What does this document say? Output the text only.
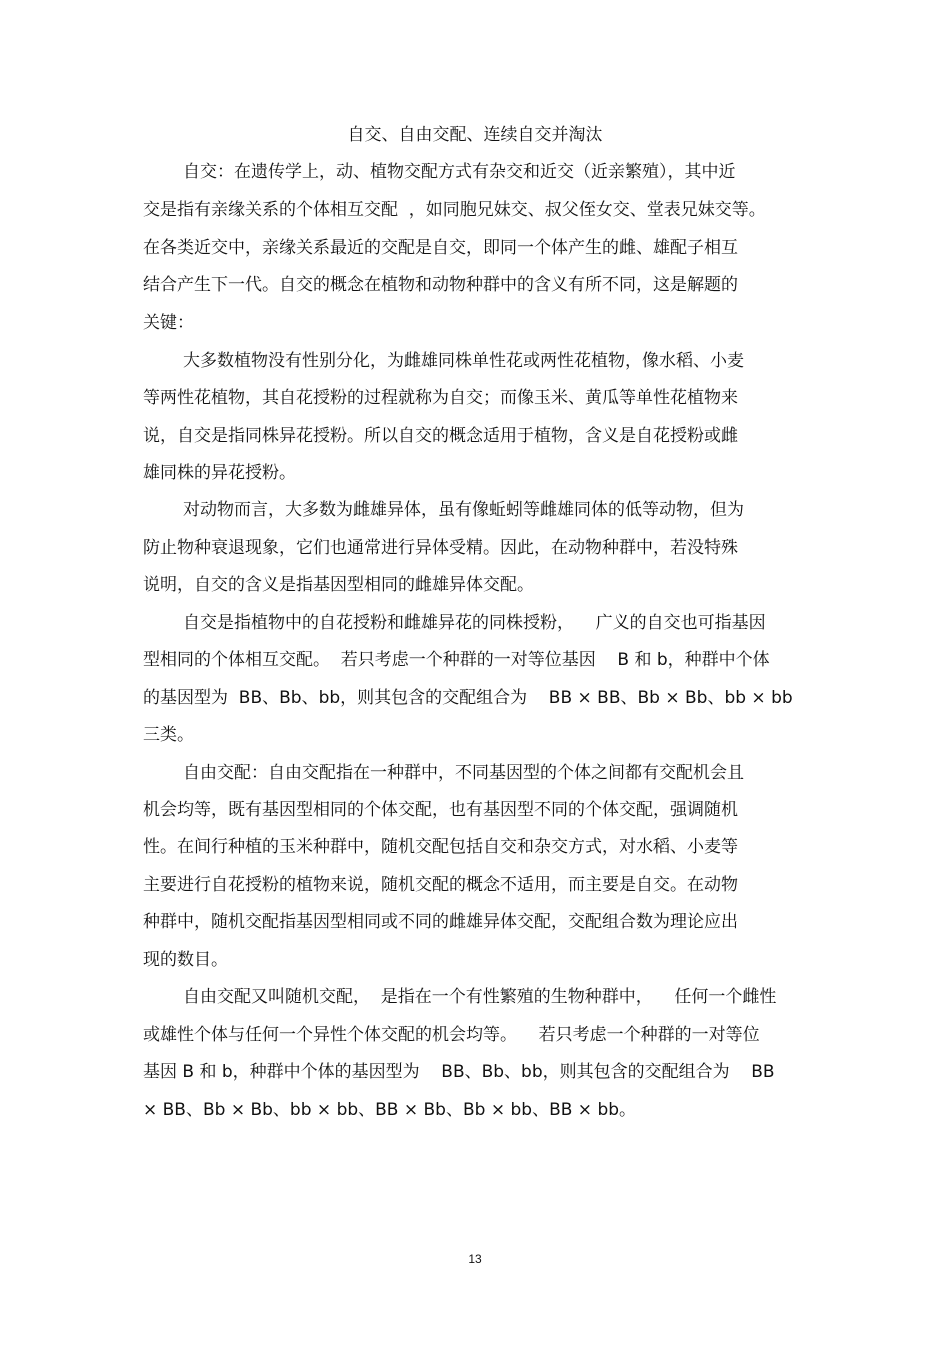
自交、自由交配、连续自交并淘汰
自交：在遗传学上，动、植物交配方式有杂交和近交（近亲繁殖），其中近
交是指有亲缘关系的个体相互交配  ，如同胞兄妹交、叔父侄女交、堂表兄妹交等。
在各类近交中，亲缘关系最近的交配是自交，即同一个体产生的雌、雄配子相互
结合产生下一代。自交的概念在植物和动物种群中的含义有所不同，这是解题的
关键：
大多数植物没有性别分化，为雌雄同株单性花或两性花植物，像水稻、小麦
等两性花植物，其自花授粉的过程就称为自交；而像玉米、黄瓜等单性花植物来
说，自交是指同株异花授粉。所以自交的概念适用于植物，含义是自花授粉或雌
雄同株的异花授粉。
对动物而言，大多数为雌雄异体，虽有像蚯蚓等雌雄同体的低等动物，但为
防止物种衰退现象，它们也通常进行异体受精。因此，在动物种群中，若没特殊
说明，自交的含义是指基因型相同的雌雄异体交配。
自交是指植物中的自花授粉和雌雄异花的同株授粉，    广义的自交也可指基因
型相同的个体相互交配。  若只考虑一个种群的一对等位基因    B 和 b，种群中个体
的基因型为  BB、Bb、bb，则其包含的交配组合为    BB × BB、Bb × Bb、bb × bb
三类。
自由交配：自由交配指在一种群中，不同基因型的个体之间都有交配机会且
机会均等，既有基因型相同的个体交配，也有基因型不同的个体交配，强调随机
性。在间行种植的玉米种群中，随机交配包括自交和杂交方式，对水稻、小麦等
主要进行自花授粉的植物来说，随机交配的概念不适用，而主要是自交。在动物
种群中，随机交配指基因型相同或不同的雌雄异体交配，交配组合数为理论应出
现的数目。
自由交配又叫随机交配，  是指在一个有性繁殖的生物种群中，    任何一个雌性
或雄性个体与任何一个异性个体交配的机会均等。    若只考虑一个种群的一对等位
基因 B 和 b，种群中个体的基因型为    BB、Bb、bb，则其包含的交配组合为    BB
× BB、Bb × Bb、bb × bb、BB × Bb、Bb × bb、BB × bb。
13
